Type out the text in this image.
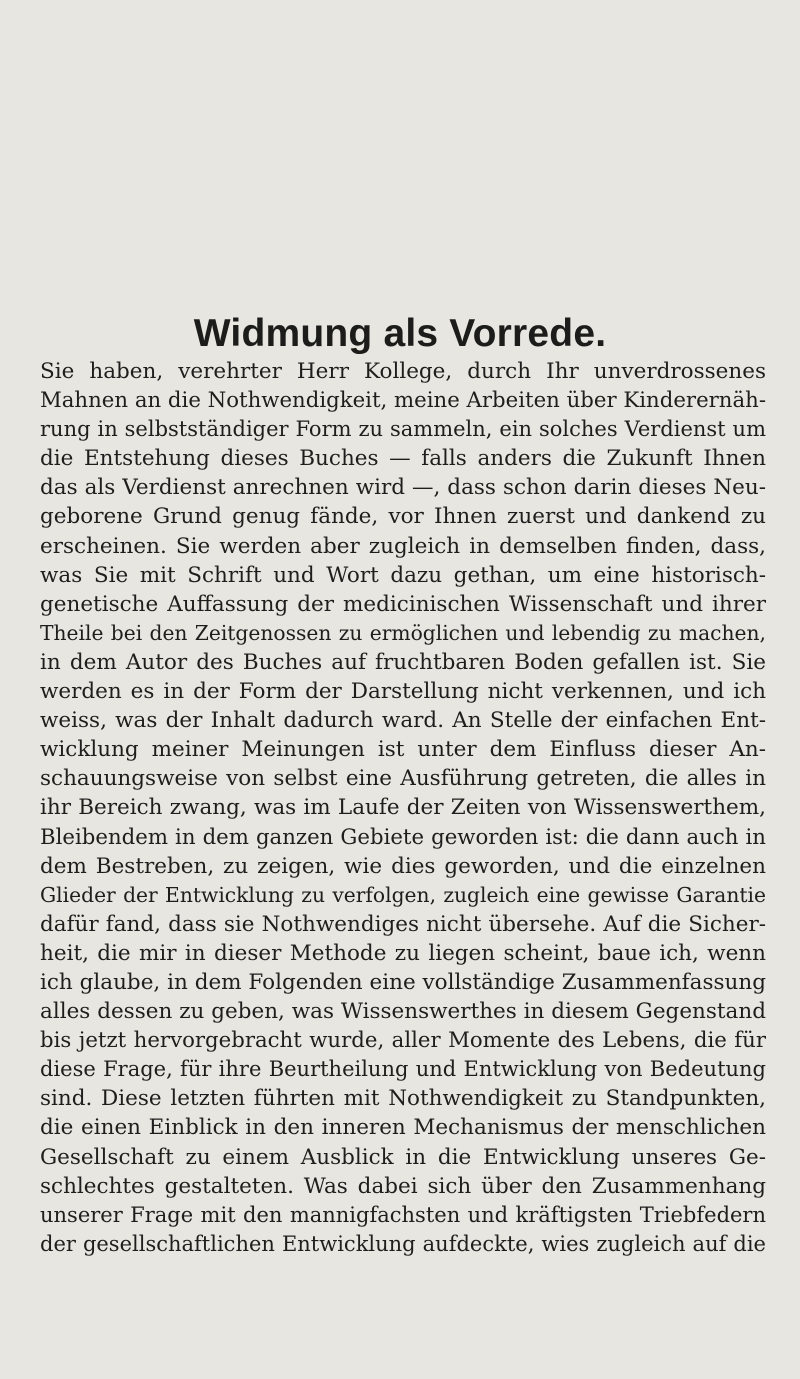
Widmung als Vorrede.
Sie haben, verehrter Herr Kollege, durch Ihr unverdrossenes
Mahnen an die Nothwendigkeit, meine Arbeiten über Kinderernäh-
rung in selbstständiger Form zu sammeln, ein solches Verdienst um
die Entstehung dieses Buches — falls anders die Zukunft Ihnen
das als Verdienst anrechnen wird —, dass schon darin dieses Neu-
geborene Grund genug fände, vor Ihnen zuerst und dankend zu
erscheinen. Sie werden aber zugleich in demselben finden, dass,
was Sie mit Schrift und Wort dazu gethan, um eine historisch-
genetische Auffassung der medicinischen Wissenschaft und ihrer
Theile bei den Zeitgenossen zu ermöglichen und lebendig zu machen,
in dem Autor des Buches auf fruchtbaren Boden gefallen ist. Sie
werden es in der Form der Darstellung nicht verkennen, und ich
weiss, was der Inhalt dadurch ward. An Stelle der einfachen Ent-
wicklung meiner Meinungen ist unter dem Einfluss dieser An-
schauungsweise von selbst eine Ausführung getreten, die alles in
ihr Bereich zwang, was im Laufe der Zeiten von Wissenswerthem,
Bleibendem in dem ganzen Gebiete geworden ist: die dann auch in
dem Bestreben, zu zeigen, wie dies geworden, und die einzelnen
Glieder der Entwicklung zu verfolgen, zugleich eine gewisse Garantie
dafür fand, dass sie Nothwendiges nicht übersehe. Auf die Sicher-
heit, die mir in dieser Methode zu liegen scheint, baue ich, wenn
ich glaube, in dem Folgenden eine vollständige Zusammenfassung
alles dessen zu geben, was Wissenswerthes in diesem Gegenstand
bis jetzt hervorgebracht wurde, aller Momente des Lebens, die für
diese Frage, für ihre Beurtheilung und Entwicklung von Bedeutung
sind. Diese letzten führten mit Nothwendigkeit zu Standpunkten,
die einen Einblick in den inneren Mechanismus der menschlichen
Gesellschaft zu einem Ausblick in die Entwicklung unseres Ge-
schlechtes gestalteten. Was dabei sich über den Zusammenhang
unserer Frage mit den mannigfachsten und kräftigsten Triebfedern
der gesellschaftlichen Entwicklung aufdeckte, wies zugleich auf die
